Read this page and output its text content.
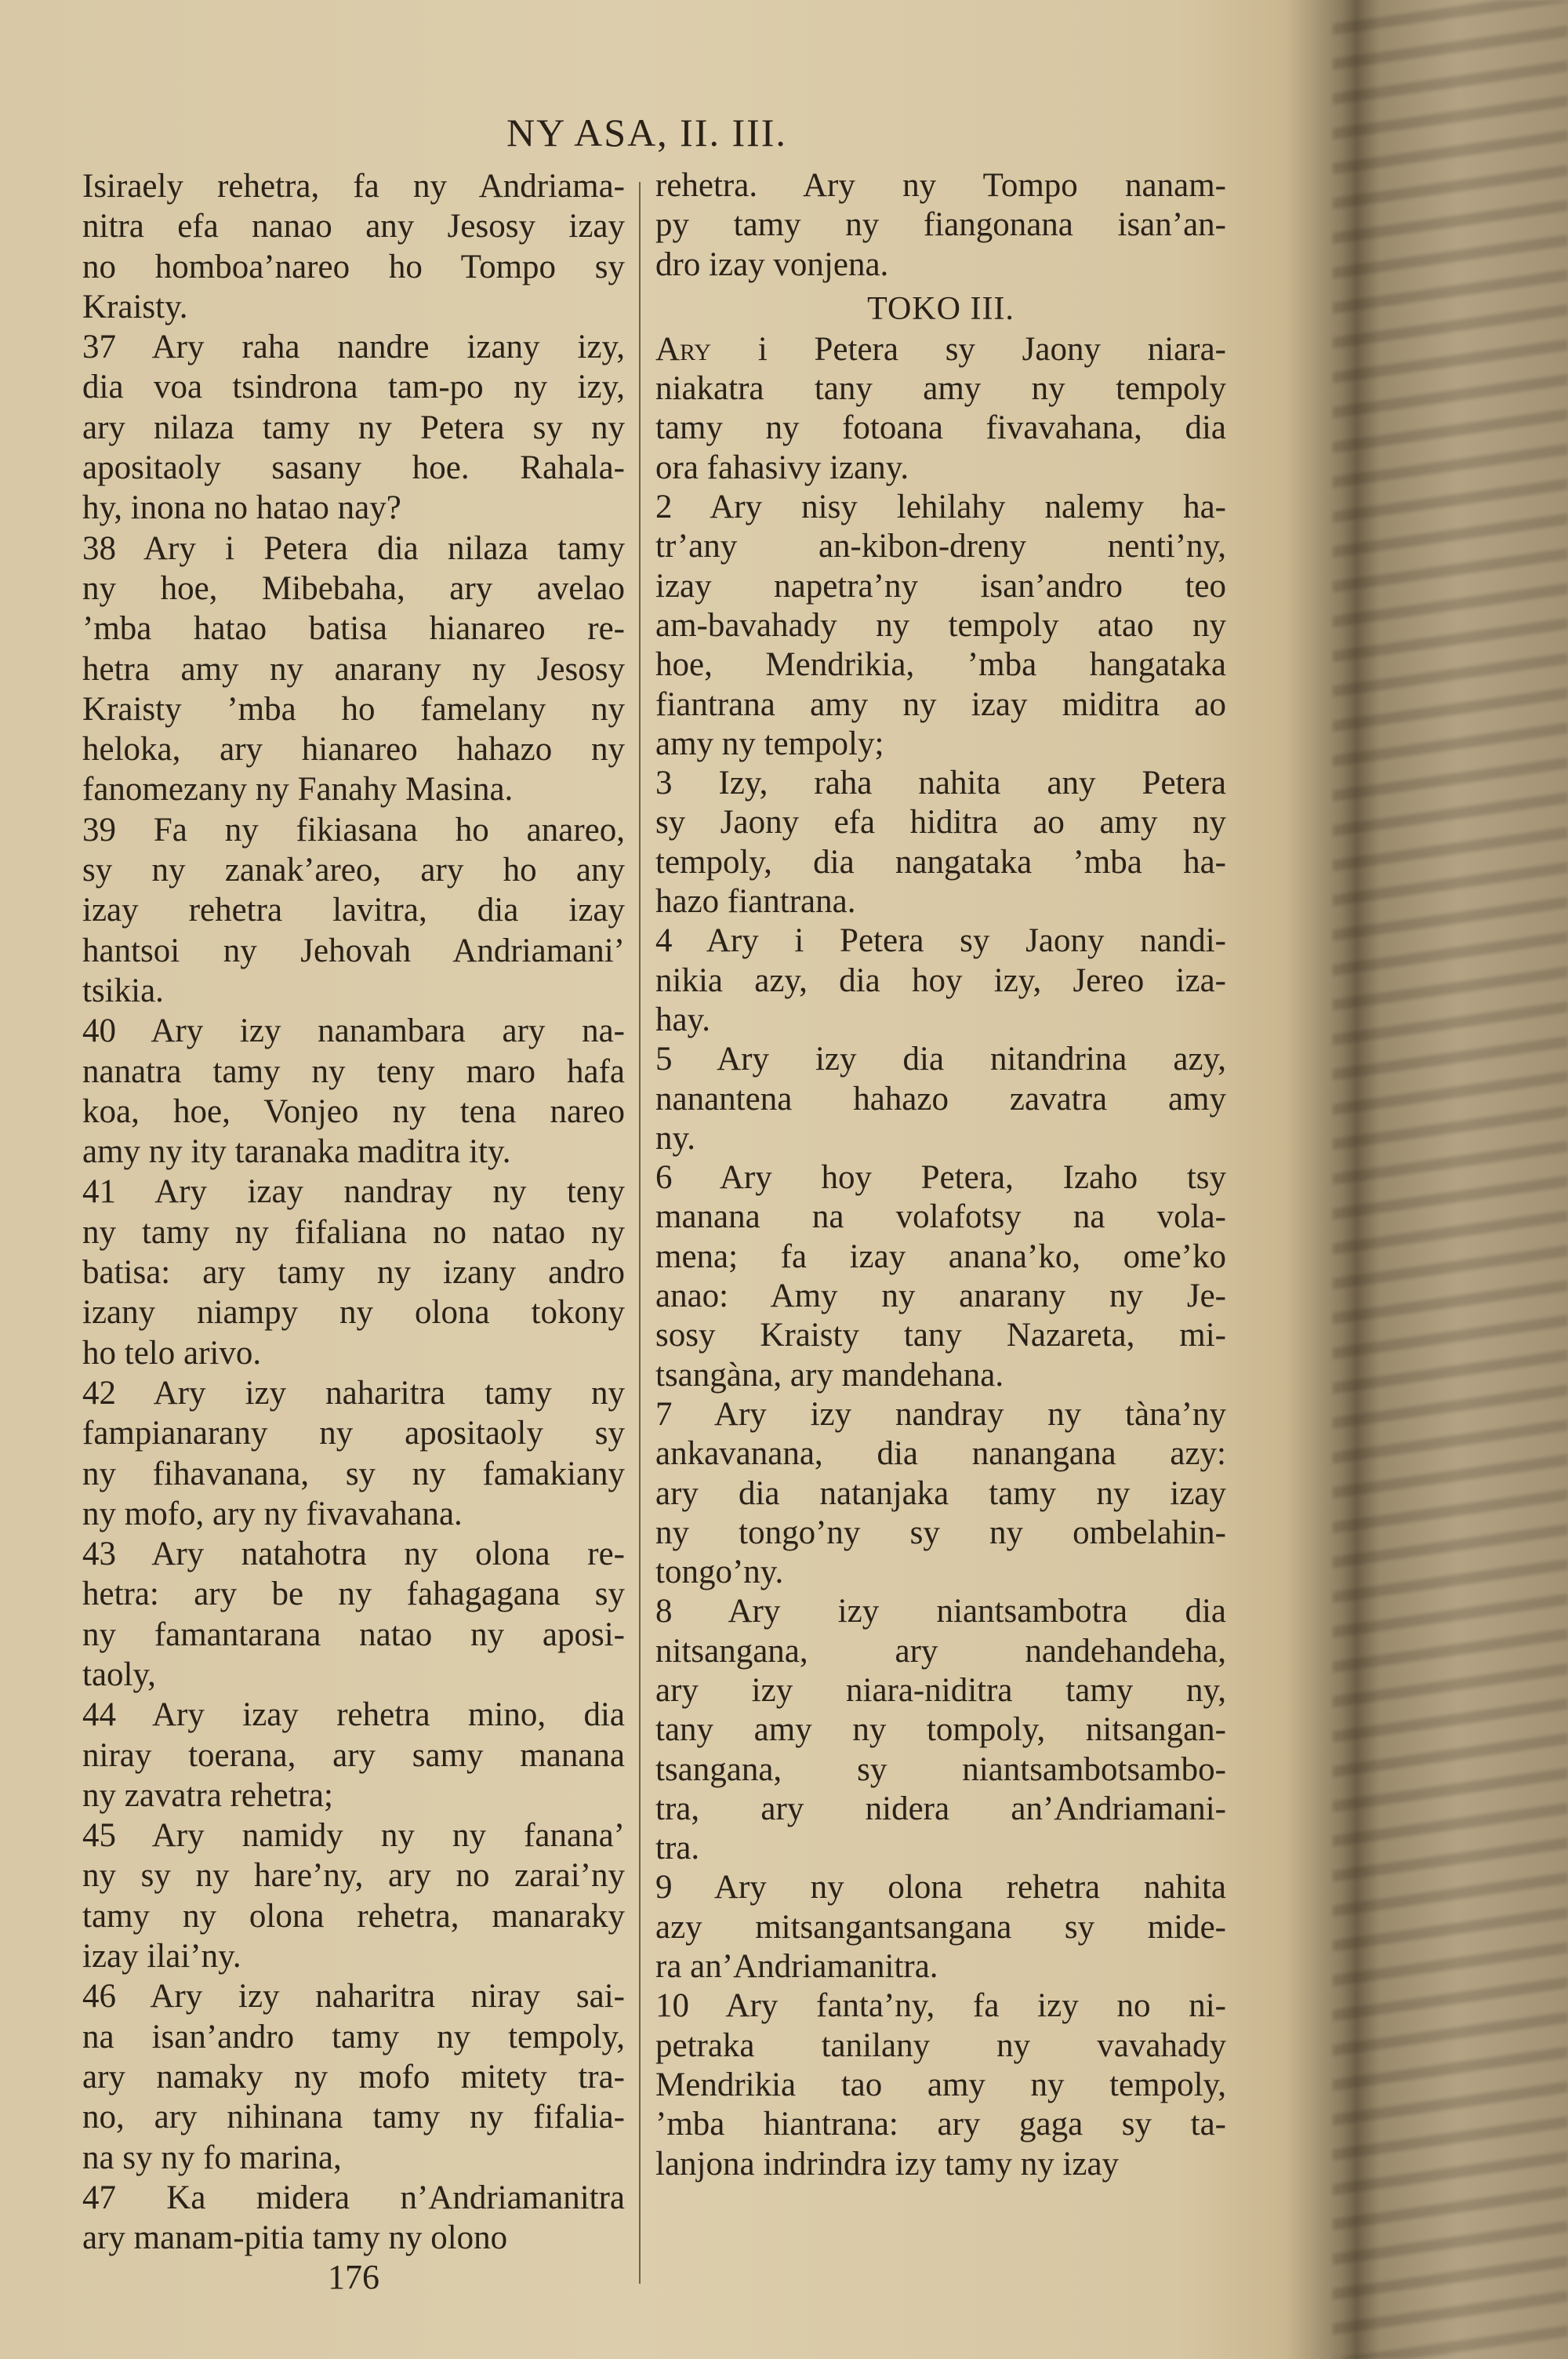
NY ASA, II. III.
Isiraely rehetra, fa ny Andriama-
nitra efa nanao any Jesosy izay
no homboa’nareo ho Tompo sy
Kraisty.
37 Ary raha nandre izany izy,
dia voa tsindrona tam-po ny izy,
ary nilaza tamy ny Petera sy ny
apositaoly sasany hoe. Rahala-
hy, inona no hatao nay?
38 Ary i Petera dia nilaza tamy
ny hoe, Mibebaha, ary avelao
’mba hatao batisa hianareo re-
hetra amy ny anarany ny Jesosy
Kraisty ’mba ho famelany ny
heloka, ary hianareo hahazo ny
fanomezany ny Fanahy Masina.
39 Fa ny fikiasana ho anareo,
sy ny zanak’areo, ary ho any
izay rehetra lavitra, dia izay
hantsoi ny Jehovah Andriamani’
tsikia.
40 Ary izy nanambara ary na-
nanatra tamy ny teny maro hafa
koa, hoe, Vonjeo ny tena nareo
amy ny ity taranaka maditra ity.
41 Ary izay nandray ny teny
ny tamy ny fifaliana no natao ny
batisa: ary tamy ny izany andro
izany niampy ny olona tokony
ho telo arivo.
42 Ary izy naharitra tamy ny
fampianarany ny apositaoly sy
ny fihavanana, sy ny famakiany
ny mofo, ary ny fivavahana.
43 Ary natahotra ny olona re-
hetra: ary be ny fahagagana sy
ny famantarana natao ny aposi-
taoly,
44 Ary izay rehetra mino, dia
niray toerana, ary samy manana
ny zavatra rehetra;
45 Ary namidy ny ny fanana’
ny sy ny hare’ny, ary no zarai’ny
tamy ny olona rehetra, manaraky
izay ilai’ny.
46 Ary izy naharitra niray sai-
na isan’andro tamy ny tempoly,
ary namaky ny mofo mitety tra-
no, ary nihinana tamy ny fifalia-
na sy ny fo marina,
47 Ka midera n’Andriamanitra
ary manam-pitia tamy ny olono
rehetra. Ary ny Tompo nanam-
py tamy ny fiangonana isan’an-
dro izay vonjena.
TOKO III.
Ary i Petera sy Jaony niara-
niakatra tany amy ny tempoly
tamy ny fotoana fivavahana, dia
ora fahasivy izany.
2 Ary nisy lehilahy nalemy ha-
tr’any an-kibon-dreny nenti’ny,
izay napetra’ny isan’andro teo
am-bavahady ny tempoly atao ny
hoe, Mendrikia, ’mba hangataka
fiantrana amy ny izay miditra ao
amy ny tempoly;
3 Izy, raha nahita any Petera
sy Jaony efa hiditra ao amy ny
tempoly, dia nangataka ’mba ha-
hazo fiantrana.
4 Ary i Petera sy Jaony nandi-
nikia azy, dia hoy izy, Jereo iza-
hay.
5 Ary izy dia nitandrina azy,
nanantena hahazo zavatra amy
ny.
6 Ary hoy Petera, Izaho tsy
manana na volafotsy na vola-
mena; fa izay anana’ko, ome’ko
anao: Amy ny anarany ny Je-
sosy Kraisty tany Nazareta, mi-
tsangàna, ary mandehana.
7 Ary izy nandray ny tàna’ny
ankavanana, dia nanangana azy:
ary dia natanjaka tamy ny izay
ny tongo’ny sy ny ombelahin-
tongo’ny.
8 Ary izy niantsambotra dia
nitsangana, ary nandehandeha,
ary izy niara-niditra tamy ny,
tany amy ny tompoly, nitsangan-
tsangana, sy niantsambotsambo-
tra, ary nidera an’Andriamani-
tra.
9 Ary ny olona rehetra nahita
azy mitsangantsangana sy mide-
ra an’Andriamanitra.
10 Ary fanta’ny, fa izy no ni-
petraka tanilany ny vavahady
Mendrikia tao amy ny tempoly,
’mba hiantrana: ary gaga sy ta-
lanjona indrindra izy tamy ny izay
176
